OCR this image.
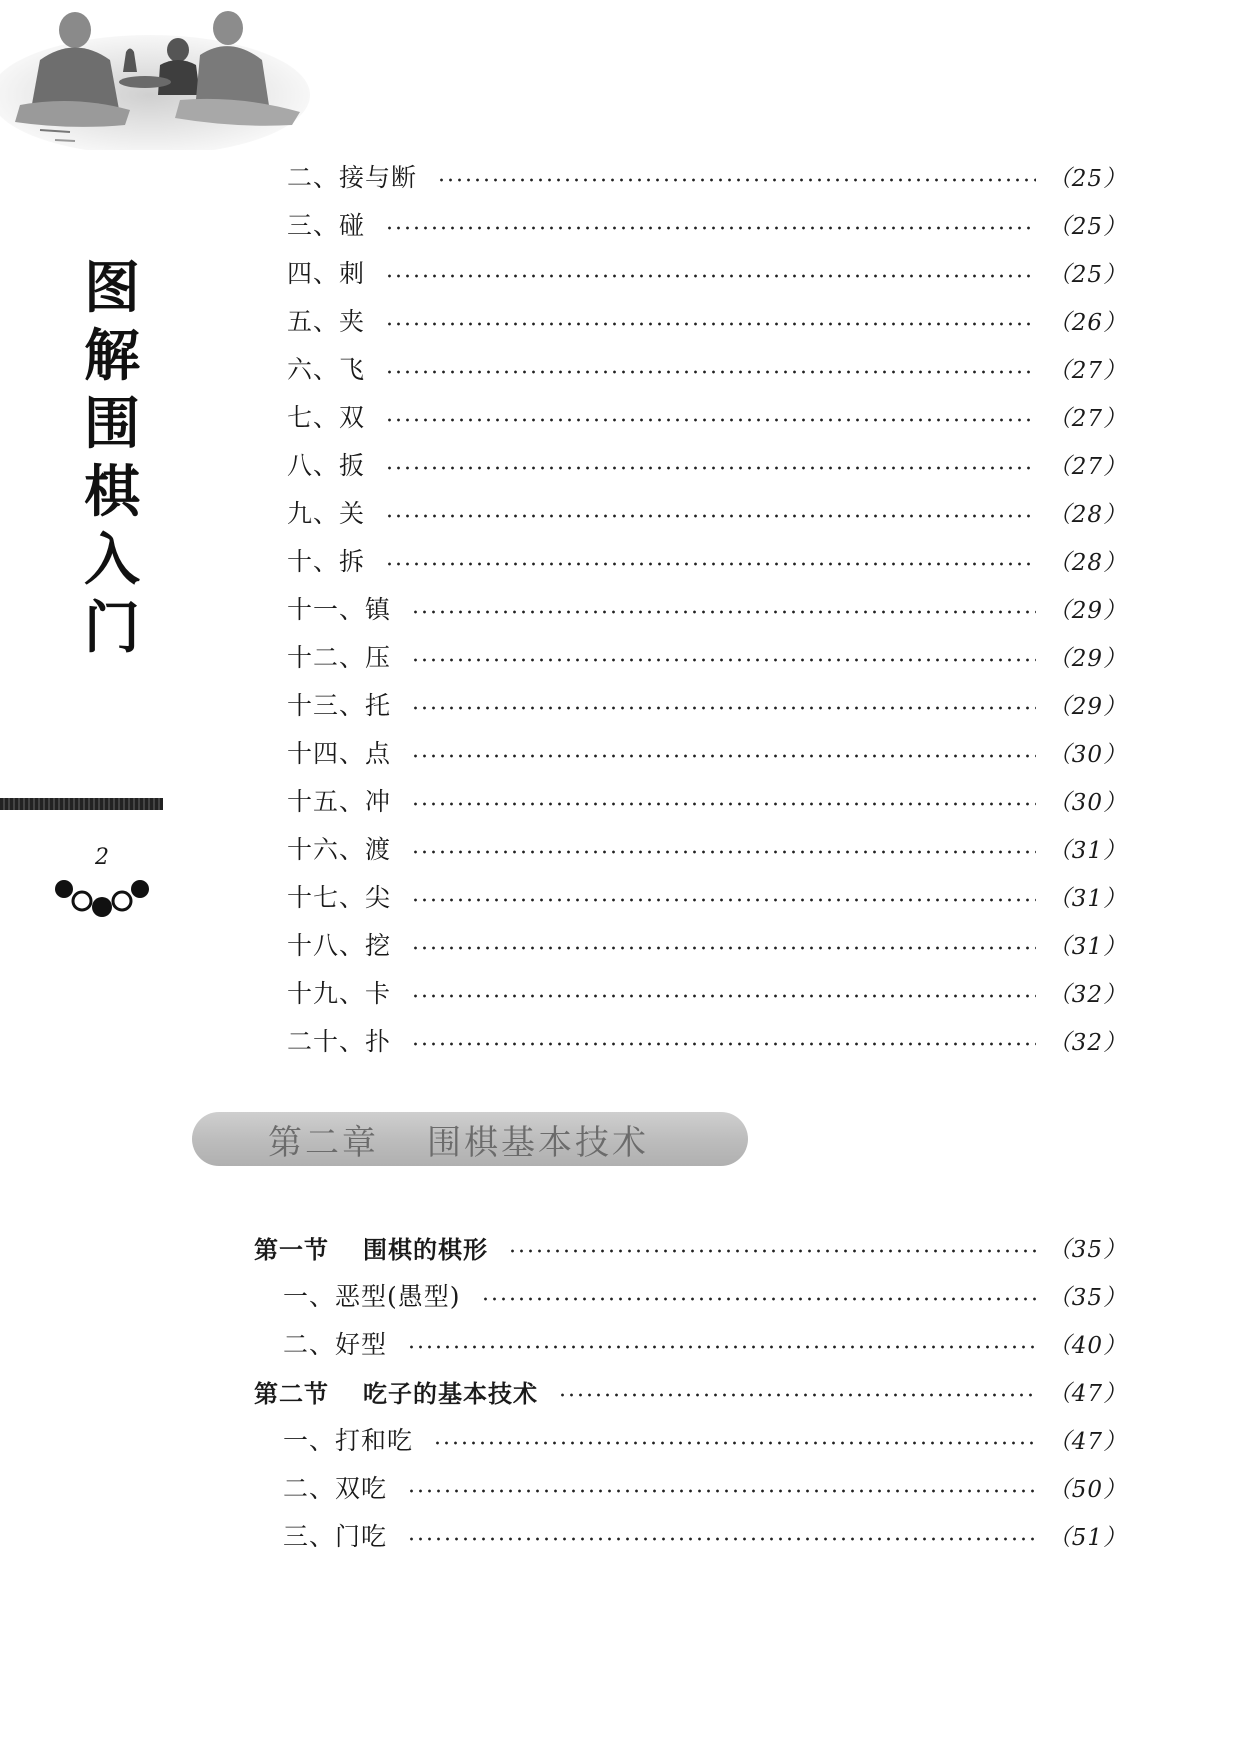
图
解
围
棋
入
门
2
二、接与断	（25）
三、碰	（25）
四、刺	（25）
五、夹	（26）
六、飞	（27）
七、双	（27）
八、扳	（27）
九、关	（28）
十、拆	（28）
十一、镇	（29）
十二、压	（29）
十三、托	（29）
十四、点	（30）
十五、冲	（30）
十六、渡	（31）
十七、尖	（31）
十八、挖	（31）
十九、卡	（32）
二十、扑	（32）
第二章 围棋基本技术
第一节 围棋的棋形	（35）
一、恶型(愚型)	（35）
二、好型	（40）
第二节 吃子的基本技术	（47）
一、打和吃	（47）
二、双吃	（50）
三、门吃	（51）
